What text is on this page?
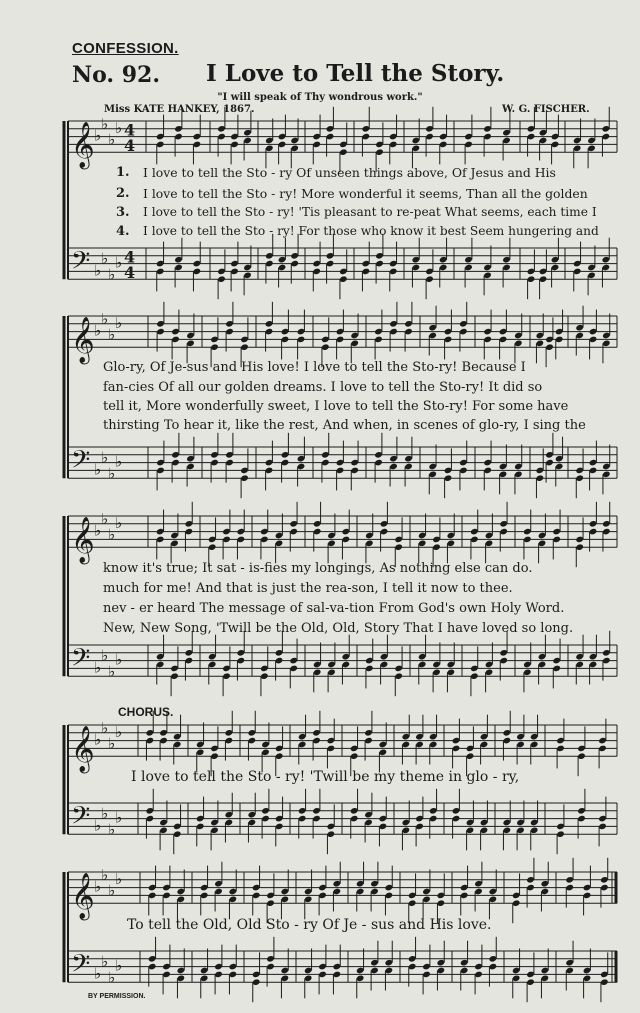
CONFESSION.
No. 92. I Love to Tell the Story.
"I will speak of Thy wondrous work."
Miss KATE HANKEY, 1867.	W. G. FISCHER.
1.
2.
3.
4.
I love to tell the Sto - ry Of unseen things above, Of Jesus and His
I love to tell the Sto - ry! More wonderful it seems, Than all the golden
I love to tell the Sto - ry! 'Tis pleasant to re-peat What seems, each time I
I love to tell the Sto - ry! For those who know it best Seem hungering and
Glo-ry, Of Je-sus and His love! I love to tell the Sto-ry! Because I
fan-cies Of all our golden dreams. I love to tell the Sto-ry! It did so
tell it, More wonderfully sweet, I love to tell the Sto-ry! For some have
thirsting To hear it, like the rest, And when, in scenes of glo-ry, I sing the
know it's true; It sat - is-fies my longings, As nothing else can do.
much for me! And that is just the rea-son, I tell it now to thee.
nev - er heard The message of sal-va-tion From God's own Holy Word.
New, New Song, 'Twill be the Old, Old, Story That I have loved so long.
CHORUS.
I love to tell the Sto - ry! 'Twill be my theme in glo - ry,
To tell the Old, Old Sto - ry Of Je - sus and His love.
BY PERMISSION.
𝄞
𝄢
♭
♭
♭
♭
♭
♭
♭
♭
4
4
4
4
𝄞
𝄢
♭
♭
♭
♭
♭
♭
♭
♭
𝄞
𝄢
♭
♭
♭
♭
♭
♭
♭
♭
𝄞
𝄢
♭
♭
♭
♭
♭
♭
♭
♭
𝄞
𝄢
♭
♭
♭
♭
♭
♭
♭
♭
